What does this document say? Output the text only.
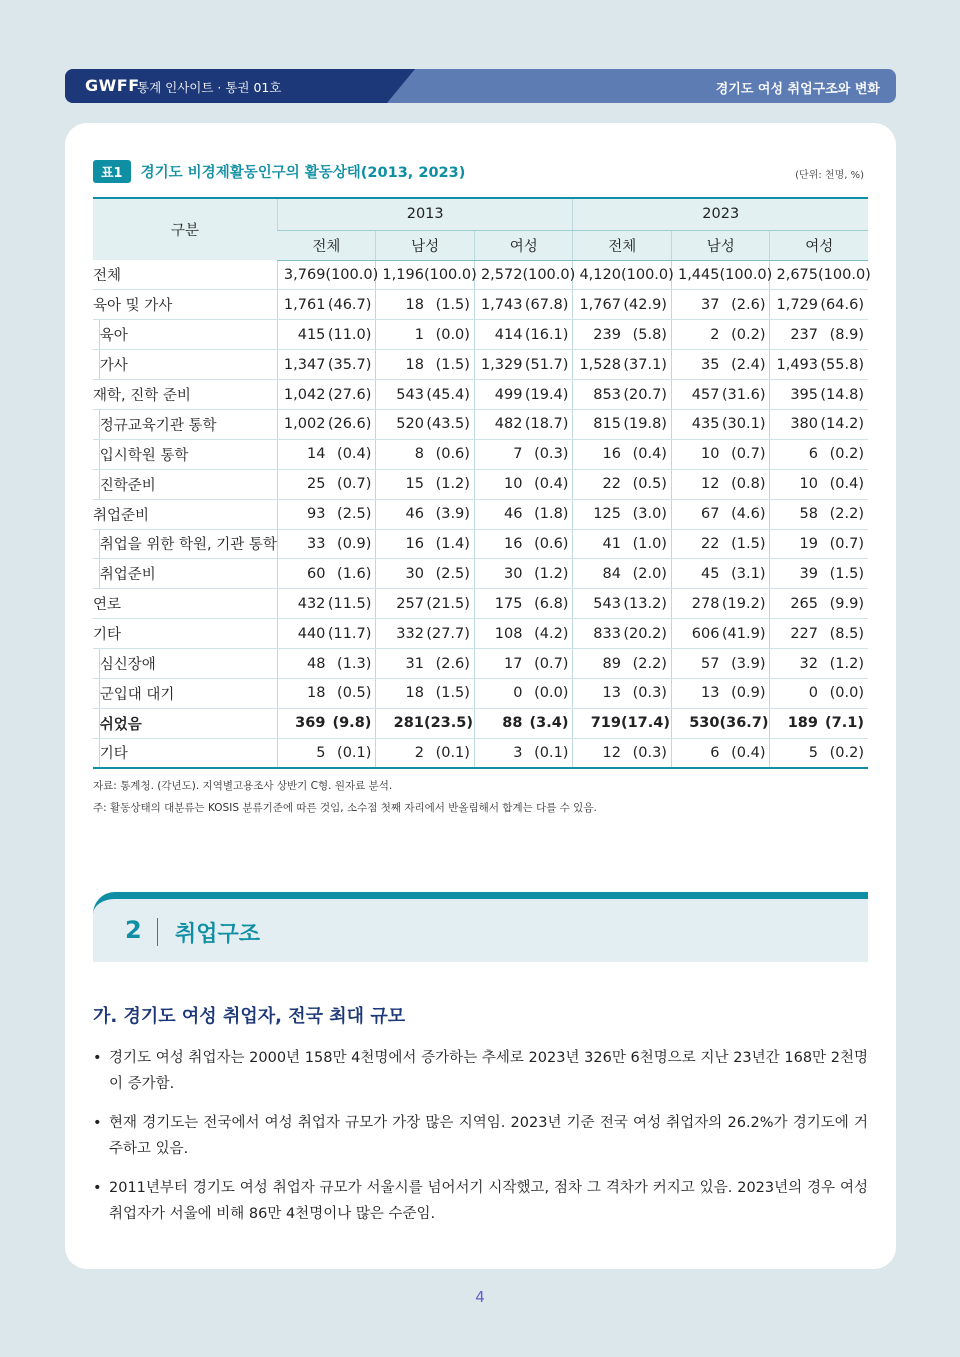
GWFF
통계 인사이트 · 통권 01호	경기도 여성 취업구조와 변화
표1	경기도 비경제활동인구의 활동상태(2013, 2023)	(단위: 천명, %)
구분		2013			2023		
		전체	남성	여성	전체	남성	여성
전체		3,769 (100.0)	1,196 (100.0)	2,572 (100.0)	4,120 (100.0)	1,445 (100.0)	2,675 (100.0)

육아 및 가사		1,761 (46.7)	18 (1.5)	1,743 (67.8)	1,767 (42.9)	37 (2.6)	1,729 (64.6)

	육아	415 (11.0)	1 (0.0)	414 (16.1)	239 (5.8)	2 (0.2)	237 (8.9)

	가사	1,347 (35.7)	18 (1.5)	1,329 (51.7)	1,528 (37.1)	35 (2.4)	1,493 (55.8)

재학, 진학 준비		1,042 (27.6)	543 (45.4)	499 (19.4)	853 (20.7)	457 (31.6)	395 (14.8)

	정규교육기관 통학	1,002 (26.6)	520 (43.5)	482 (18.7)	815 (19.8)	435 (30.1)	380 (14.2)

	입시학원 통학	14 (0.4)	8 (0.6)	7 (0.3)	16 (0.4)	10 (0.7)	6 (0.2)

	진학준비	25 (0.7)	15 (1.2)	10 (0.4)	22 (0.5)	12 (0.8)	10 (0.4)

취업준비		93 (2.5)	46 (3.9)	46 (1.8)	125 (3.0)	67 (4.6)	58 (2.2)

	취업을 위한 학원, 기관 통학	33 (0.9)	16 (1.4)	16 (0.6)	41 (1.0)	22 (1.5)	19 (0.7)

	취업준비	60 (1.6)	30 (2.5)	30 (1.2)	84 (2.0)	45 (3.1)	39 (1.5)

연로		432 (11.5)	257 (21.5)	175 (6.8)	543 (13.2)	278 (19.2)	265 (9.9)

기타		440 (11.7)	332 (27.7)	108 (4.2)	833 (20.2)	606 (41.9)	227 (8.5)

	심신장애	48 (1.3)	31 (2.6)	17 (0.7)	89 (2.2)	57 (3.9)	32 (1.2)

	군입대 대기	18 (0.5)	18 (1.5)	0 (0.0)	13 (0.3)	13 (0.9)	0 (0.0)

	쉬었음	369 (9.8)	281 (23.5)	88 (3.4)	719 (17.4)	530 (36.7)	189 (7.1)

	기타	5 (0.1)	2 (0.1)	3 (0.1)	12 (0.3)	6 (0.4)	5 (0.2)
자료: 통계청. (각년도). 지역별고용조사 상반기 C형. 원자료 분석.
주: 활동상태의 대분류는 KOSIS 분류기준에 따른 것임, 소수점 첫째 자리에서 반올림해서 합계는 다를 수 있음.
2 취업구조
가. 경기도 여성 취업자, 전국 최대 규모
• 경기도 여성 취업자는 2000년 158만 4천명에서 증가하는 추세로 2023년 326만 6천명으로 지난 23년간 168만 2천명이 증가함.
• 현재 경기도는 전국에서 여성 취업자 규모가 가장 많은 지역임. 2023년 기준 전국 여성 취업자의 26.2%가 경기도에 거주하고 있음.
• 2011년부터 경기도 여성 취업자 규모가 서울시를 넘어서기 시작했고, 점차 그 격차가 커지고 있음. 2023년의 경우 여성 취업자가 서울에 비해 86만 4천명이나 많은 수준임.
4
